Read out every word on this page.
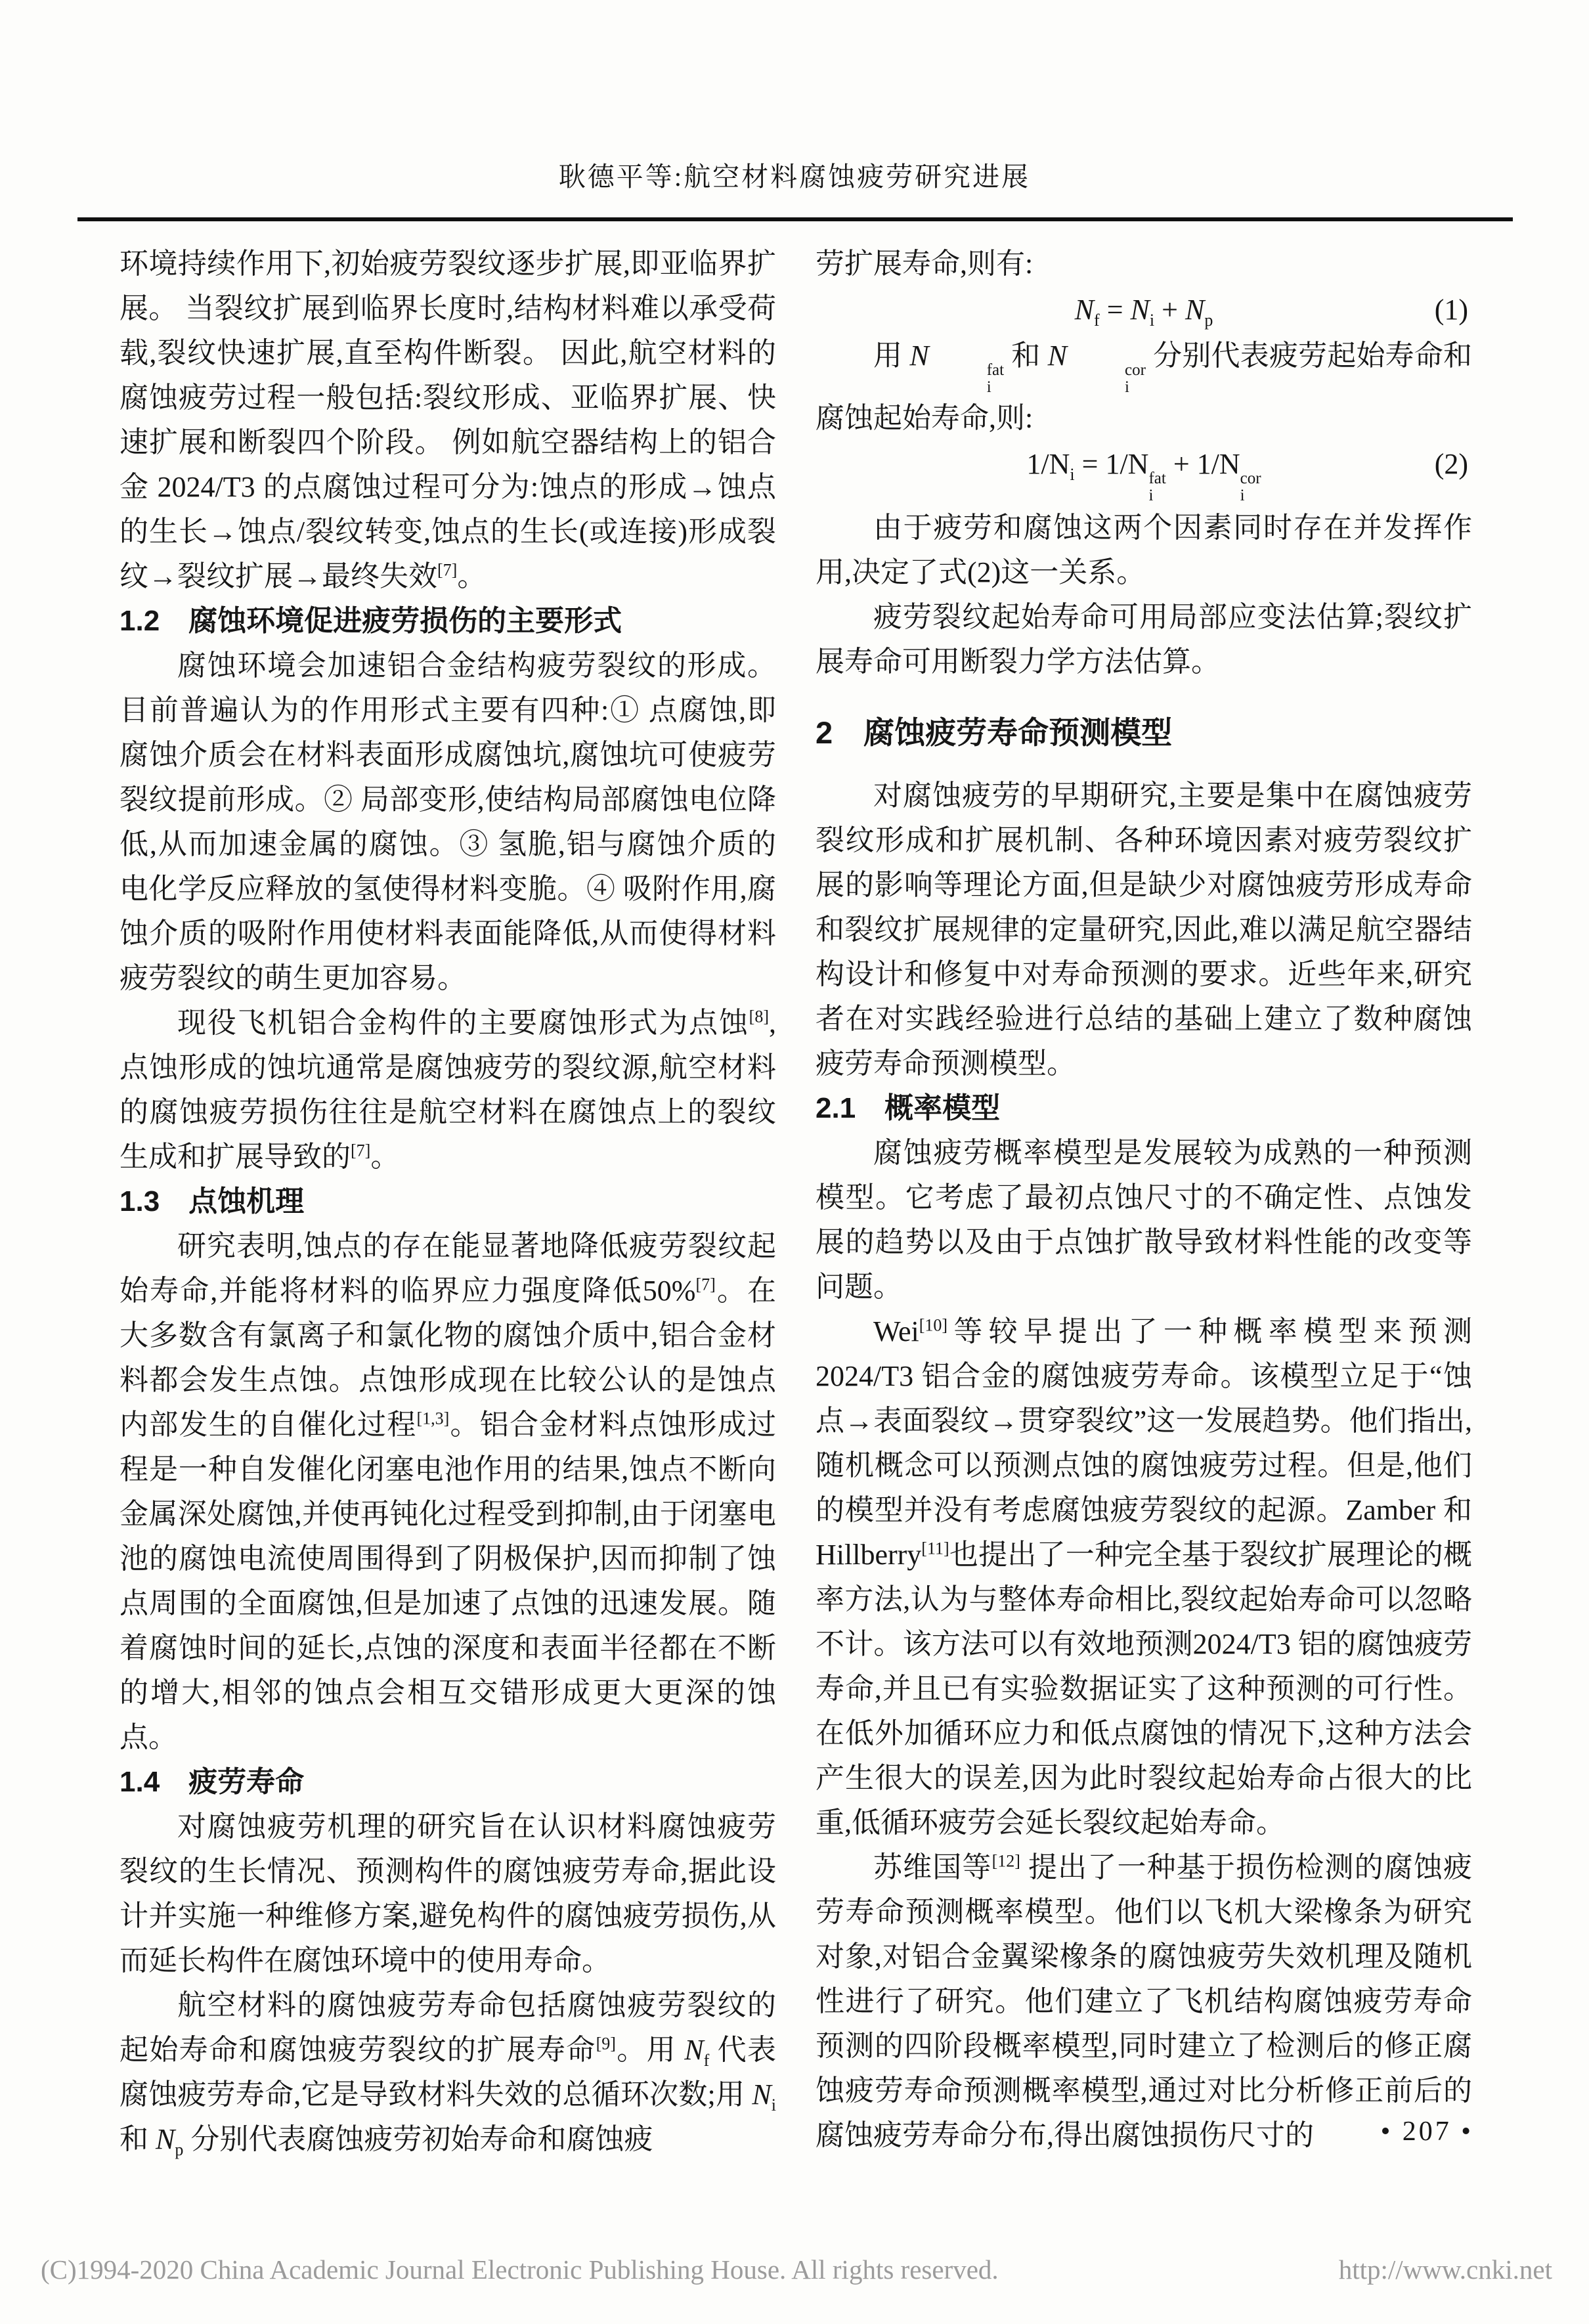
耿德平等:航空材料腐蚀疲劳研究进展

环境持续作用下,初始疲劳裂纹逐步扩展,即亚临界扩展。 当裂纹扩展到临界长度时,结构材料难以承受荷载,裂纹快速扩展,直至构件断裂。 因此,航空材料的腐蚀疲劳过程一般包括:裂纹形成、亚临界扩展、快速扩展和断裂四个阶段。 例如航空器结构上的铝合金 2024/T3 的点腐蚀过程可分为:蚀点的形成→蚀点的生长→蚀点/裂纹转变,蚀点的生长(或连接)形成裂纹→裂纹扩展→最终失效[7]。

1.2　腐蚀环境促进疲劳损伤的主要形式

腐蚀环境会加速铝合金结构疲劳裂纹的形成。目前普遍认为的作用形式主要有四种:① 点腐蚀,即腐蚀介质会在材料表面形成腐蚀坑,腐蚀坑可使疲劳裂纹提前形成。② 局部变形,使结构局部腐蚀电位降低,从而加速金属的腐蚀。③ 氢脆,铝与腐蚀介质的电化学反应释放的氢使得材料变脆。④ 吸附作用,腐蚀介质的吸附作用使材料表面能降低,从而使得材料疲劳裂纹的萌生更加容易。

现役飞机铝合金构件的主要腐蚀形式为点蚀[8],点蚀形成的蚀坑通常是腐蚀疲劳的裂纹源,航空材料的腐蚀疲劳损伤往往是航空材料在腐蚀点上的裂纹生成和扩展导致的[7]。

1.3　点蚀机理

研究表明,蚀点的存在能显著地降低疲劳裂纹起始寿命,并能将材料的临界应力强度降低50%[7]。在大多数含有氯离子和氯化物的腐蚀介质中,铝合金材料都会发生点蚀。点蚀形成现在比较公认的是蚀点内部发生的自催化过程[1,3]。铝合金材料点蚀形成过程是一种自发催化闭塞电池作用的结果,蚀点不断向金属深处腐蚀,并使再钝化过程受到抑制,由于闭塞电池的腐蚀电流使周围得到了阴极保护,因而抑制了蚀点周围的全面腐蚀,但是加速了点蚀的迅速发展。随着腐蚀时间的延长,点蚀的深度和表面半径都在不断的增大,相邻的蚀点会相互交错形成更大更深的蚀点。

1.4　疲劳寿命

对腐蚀疲劳机理的研究旨在认识材料腐蚀疲劳裂纹的生长情况、预测构件的腐蚀疲劳寿命,据此设计并实施一种维修方案,避免构件的腐蚀疲劳损伤,从而延长构件在腐蚀环境中的使用寿命。

航空材料的腐蚀疲劳寿命包括腐蚀疲劳裂纹的起始寿命和腐蚀疲劳裂纹的扩展寿命[9]。用 $N_f$ 代表腐蚀疲劳寿命,它是导致材料失效的总循环次数;用 $N_i$ 和 $N_p$ 分别代表腐蚀疲劳初始寿命和腐蚀疲

劳扩展寿命,则有:

$N_f = N_i + N_p$	(1)

用 N	fat
i
和 N	cor
i
分别代表疲劳起始寿命和腐蚀起始寿命,则:

$1/N_i = 1/N$ fat
i
+ 1/N cor
i
(2)

由于疲劳和腐蚀这两个因素同时存在并发挥作用,决定了式(2)这一关系。

疲劳裂纹起始寿命可用局部应变法估算;裂纹扩展寿命可用断裂力学方法估算。

2　腐蚀疲劳寿命预测模型

对腐蚀疲劳的早期研究,主要是集中在腐蚀疲劳裂纹形成和扩展机制、各种环境因素对疲劳裂纹扩展的影响等理论方面,但是缺少对腐蚀疲劳形成寿命和裂纹扩展规律的定量研究,因此,难以满足航空器结构设计和修复中对寿命预测的要求。近些年来,研究者在对实践经验进行总结的基础上建立了数种腐蚀疲劳寿命预测模型。

2.1　概率模型

腐蚀疲劳概率模型是发展较为成熟的一种预测模型。它考虑了最初点蚀尺寸的不确定性、点蚀发展的趋势以及由于点蚀扩散导致材料性能的改变等问题。

Wei[10]等较早提出了一种概率模型来预测2024/T3 铝合金的腐蚀疲劳寿命。该模型立足于“蚀点→表面裂纹→贯穿裂纹”这一发展趋势。他们指出,随机概念可以预测点蚀的腐蚀疲劳过程。但是,他们的模型并没有考虑腐蚀疲劳裂纹的起源。Zamber 和 Hillberry[11]也提出了一种完全基于裂纹扩展理论的概率方法,认为与整体寿命相比,裂纹起始寿命可以忽略不计。该方法可以有效地预测2024/T3 铝的腐蚀疲劳寿命,并且已有实验数据证实了这种预测的可行性。在低外加循环应力和低点腐蚀的情况下,这种方法会产生很大的误差,因为此时裂纹起始寿命占很大的比重,低循环疲劳会延长裂纹起始寿命。

苏维国等[12] 提出了一种基于损伤检测的腐蚀疲劳寿命预测概率模型。他们以飞机大梁橡条为研究对象,对铝合金翼梁橡条的腐蚀疲劳失效机理及随机性进行了研究。他们建立了飞机结构腐蚀疲劳寿命预测的四阶段概率模型,同时建立了检测后的修正腐蚀疲劳寿命预测概率模型,通过对比分析修正前后的腐蚀疲劳寿命分布,得出腐蚀损伤尺寸的	• 207 •
(C)1994-2020 China Academic Journal Electronic Publishing House. All rights reserved.	http://www.cnki.net
